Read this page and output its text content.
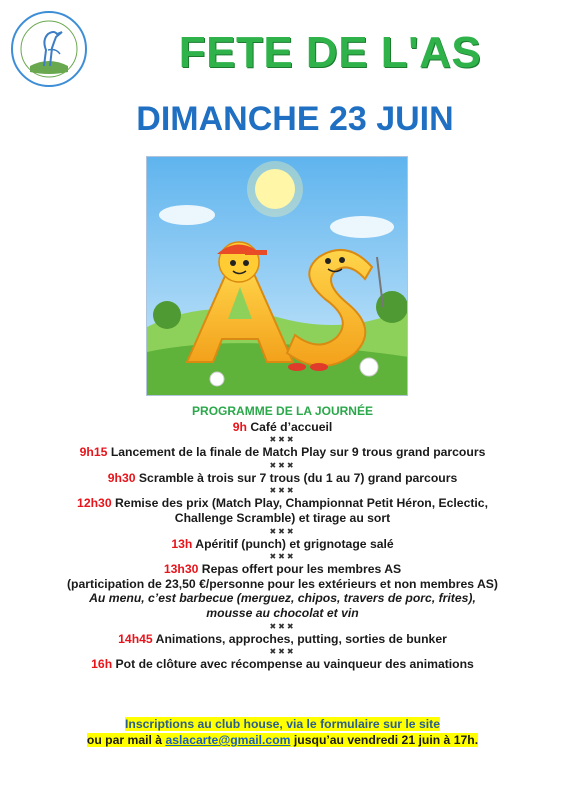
FETE DE L'AS
DIMANCHE 23 JUIN
PROGRAMME DE LA JOURNÉE
9h Café d’accueil
✖✖✖
9h15 Lancement de la finale de Match Play sur 9 trous grand parcours
✖✖✖
9h30 Scramble à trois sur 7 trous (du 1 au 7) grand parcours
✖✖✖
12h30 Remise des prix (Match Play, Championnat Petit Héron, Eclectic,
Challenge Scramble) et tirage au sort
✖✖✖
13h Apéritif (punch) et grignotage salé
✖✖✖
13h30 Repas offert pour les membres AS
(participation de 23,50 €/personne pour les extérieurs et non membres AS)
Au menu, c’est barbecue (merguez, chipos, travers de porc, frites),
mousse au chocolat et vin
✖✖✖
14h45 Animations, approches, putting, sorties de bunker
✖✖✖
16h Pot de clôture avec récompense au vainqueur des animations
Inscriptions au club house, via le formulaire sur le site
ou par mail à aslacarte@gmail.com jusqu’au vendredi 21 juin à 17h.
